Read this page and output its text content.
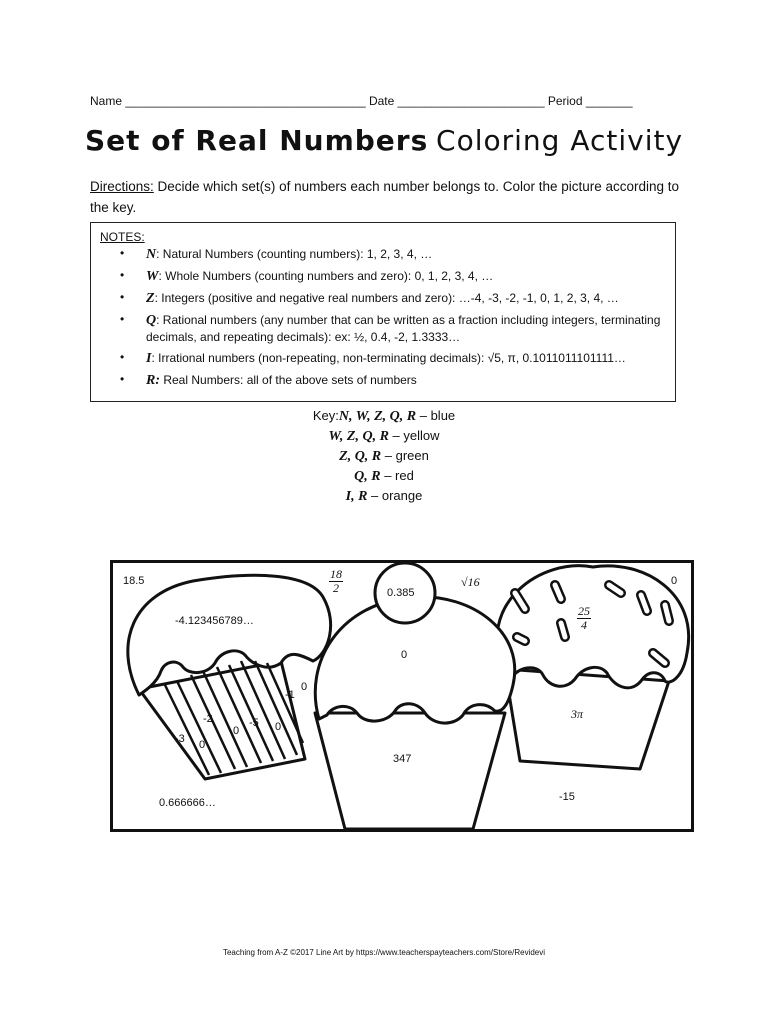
Name ____________________________________ Date ______________________ Period _______
Set of Real Numbers Coloring Activity
Directions: Decide which set(s) of numbers each number belongs to. Color the picture according to the key.
NOTES:
• N: Natural Numbers (counting numbers): 1, 2, 3, 4, …
• W: Whole Numbers (counting numbers and zero): 0, 1, 2, 3, 4, …
• Z: Integers (positive and negative real numbers and zero): …-4, -3, -2, -1, 0, 1, 2, 3, 4, …
• Q: Rational numbers (any number that can be written as a fraction including integers, terminating decimals, and repeating decimals): ex: ½, 0.4, -2, 1.3333…
• I: Irrational numbers (non-repeating, non-terminating decimals): √5, π, 0.1011011101111…
• R: Real Numbers: all of the above sets of numbers
Key:N, W, Z, Q, R – blue
W, Z, Q, R – yellow
Z, Q, R – green
Q, R – red
I, R – orange
18.5
-4.123456789…
$\frac{18}{2}$	0.385
√16	0
$\frac{25}{4}$
0
-1
0
-2	-5
0	0
-3 0
3π
347
0.666666…	-15
Teaching from A-Z ©2017 Line Art by https://www.teacherspayteachers.com/Store/Revidevi
